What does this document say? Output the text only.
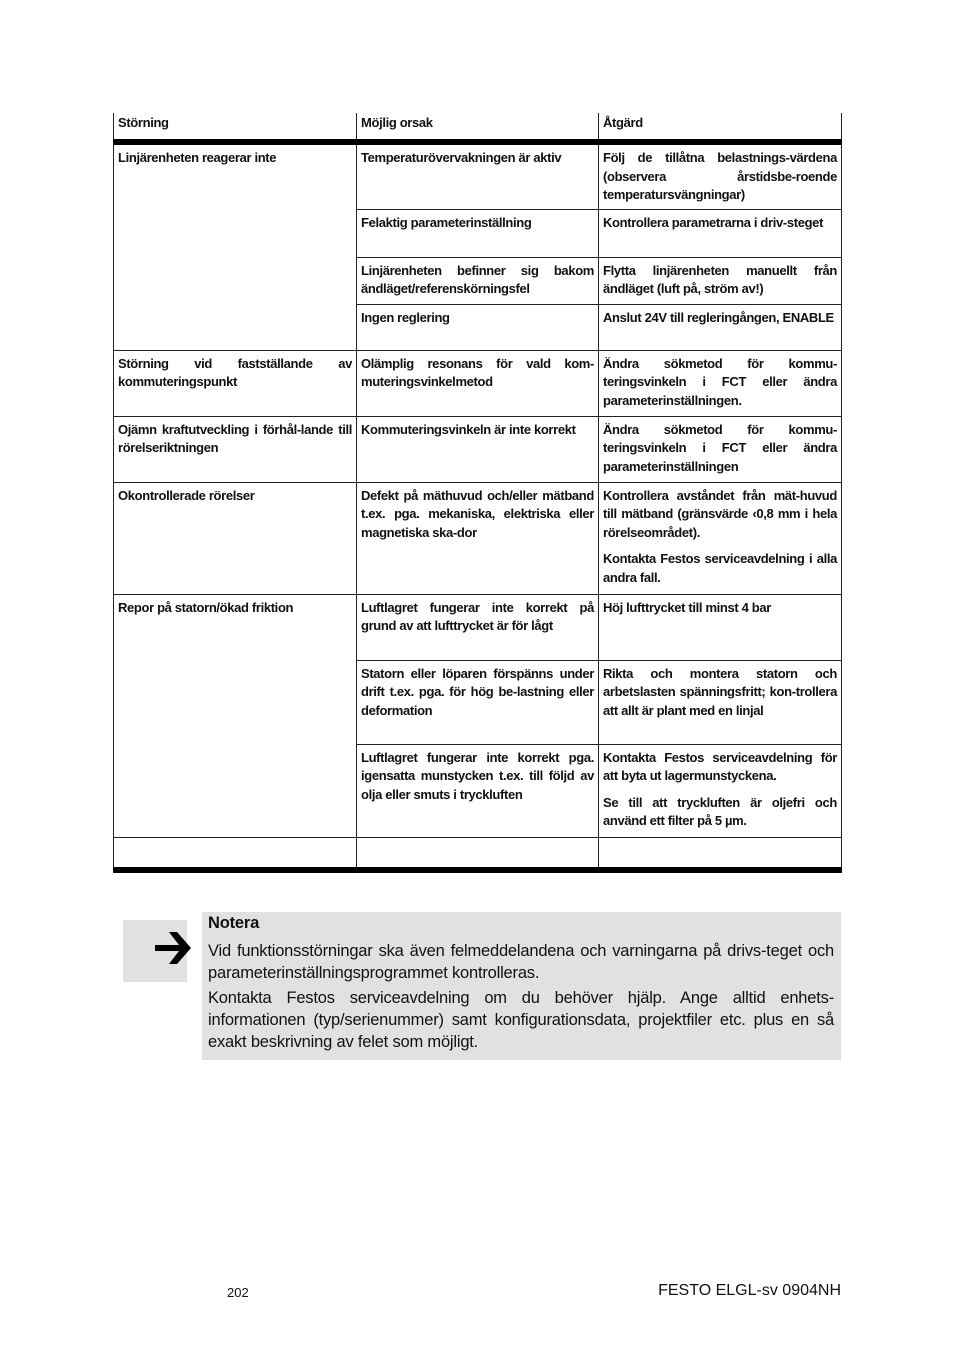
Störning	Möjlig orsak	Åtgärd
Linjärenheten reagerar inte	Temperaturövervakningen är aktiv	Följ de tillåtna belastnings-värdena (observera årstidsbe-roende temperatursvängningar)

	Felaktig parameterinställning	Kontrollera parametrarna i driv-steget

	Linjärenheten befinner sig bakom ändläget/referenskörningsfel	Flytta linjärenheten manuellt från ändläget (luft på, ström av!)

	Ingen reglering	Anslut 24V till regleringången, ENABLE

Störning vid fastställande av kommuteringspunkt	Olämplig resonans för vald kom-muteringsvinkelmetod	Ändra sökmetod för kommu-teringsvinkeln i FCT eller ändra parameterinställningen.

Ojämn kraftutveckling i förhål-lande till rörelseriktningen	Kommuteringsvinkeln är inte korrekt	Ändra sökmetod för kommu-teringsvinkeln i FCT eller ändra parameterinställningen

Okontrollerade rörelser	Defekt på mäthuvud och/eller mätband t.ex. pga. mekaniska, elektriska eller magnetiska ska-dor	Kontrollera avståndet från mät-huvud till mätband (gränsvärde ‹0,8 mm i hela rörelseområdet).

Kontakta Festos serviceavdelning i alla andra fall.

Repor på statorn/ökad friktion	Luftlagret fungerar inte korrekt på grund av att lufttrycket är för lågt	Höj lufttrycket till minst 4 bar

	Statorn eller löparen förspänns under drift t.ex. pga. för hög be-lastning eller deformation	Rikta och montera statorn och arbetslasten spänningsfritt; kon-trollera att allt är plant med en linjal

	Luftlagret fungerar inte korrekt pga. igensatta munstycken t.ex. till följd av olja eller smuts i tryckluften	Kontakta Festos serviceavdelning för att byta ut lagermunstyckena.

Se till att tryckluften är oljefri och använd ett filter på 5 µm.

Notera

Vid funktionsstörningar ska även felmeddelandena och varningarna på drivs-teget och parameterinställningsprogrammet kontrolleras.

Kontakta Festos serviceavdelning om du behöver hjälp. Ange alltid enhets-informationen (typ/serienummer) samt konfigurationsdata, projektfiler etc. plus en så exakt beskrivning av felet som möjligt.

202	FESTO ELGL-sv 0904NH
